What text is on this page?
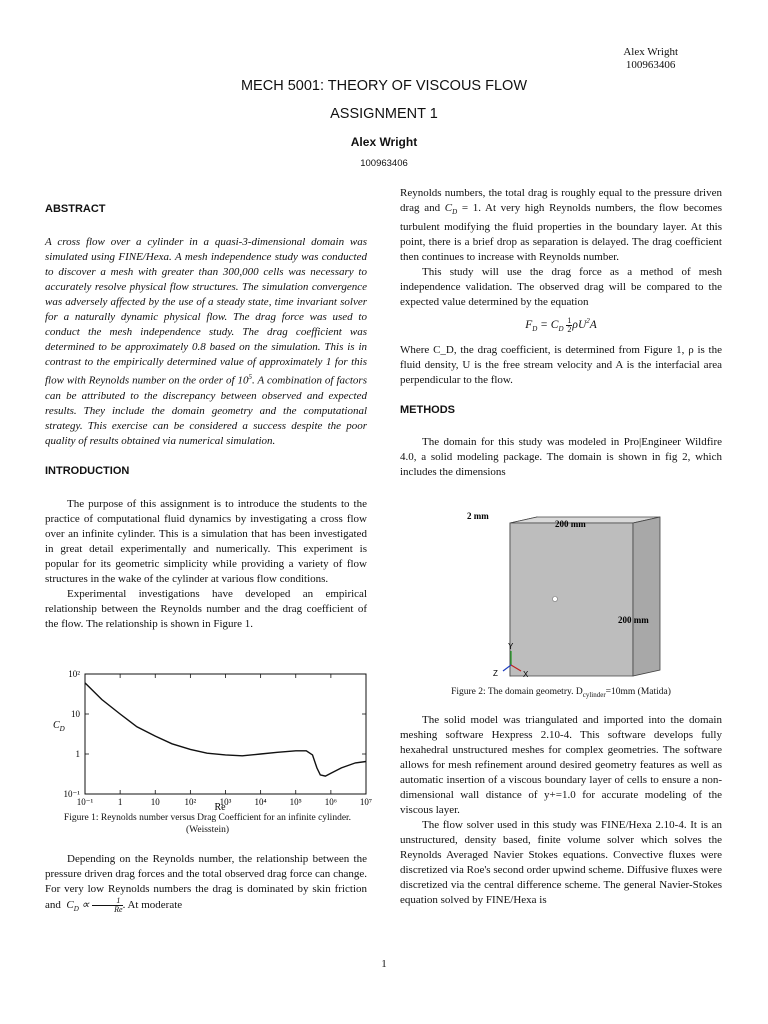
Alex Wright
100963406
MECH 5001: THEORY OF VISCOUS FLOW
ASSIGNMENT 1
Alex Wright
100963406

ABSTRACT

A cross flow over a cylinder in a quasi-3-dimensional domain was simulated using FINE/Hexa. A mesh independence study was conducted to discover a mesh with greater than 300,000 cells was necessary to accurately resolve physical flow structures. The simulation convergence was adversely affected by the use of a steady state, time invariant solver for a naturally dynamic physical flow. The drag force was used to conduct the mesh independence study. The drag coefficient was determined to be approximately 0.8 based on the simulation. This is in contrast to the empirically determined value of approximately 1 for this flow with Reynolds number on the order of $10^5$. A combination of factors can be attributed to the discrepancy between observed and expected results. They include the domain geometry and the computational strategy. This exercise can be considered a success despite the poor quality of results obtained via numerical simulation.

INTRODUCTION

The purpose of this assignment is to introduce the students to the practice of computational fluid dynamics by investigating a cross flow over an infinite cylinder. This is a simulation that has been investigated in great detail experimentally and numerically. This experiment is popular for its geometric simplicity while providing a variety of flow structures in the wake of the cylinder at various flow conditions.

Experimental investigations have developed an empirical relationship between the Reynolds number and the drag coefficient of the flow. The relationship is shown in Figure 1.

10²
10
1
10⁻¹
10⁻¹	1	10	10²	10³	10⁴	10⁵	10⁶	10⁷
$C_D$
Re
Figure 1: Reynolds number versus Drag Coefficient for an infinite cylinder. (Weisstein)

Depending on the Reynolds number, the relationship between the pressure driven drag forces and the total observed drag force can change. For very low Reynolds numbers the drag is dominated by skin friction and $C_D \propto \frac{1}{Re}$ . At moderate

Reynolds numbers, the total drag is roughly equal to the pressure driven drag and $C_D = 1$. At very high Reynolds numbers, the flow becomes turbulent modifying the fluid properties in the boundary layer. At this point, there is a brief drop as separation is delayed. The drag coefficient then continues to increase with Reynolds number.

This study will use the drag force as a method of mesh independence validation. The observed drag will be compared to the expected value determined by the equation

$F_D = C_D \frac{1}{2} \rho U^2A$

Where C_D, the drag coefficient, is determined from Figure 1, ρ is the fluid density, U is the free stream velocity and A is the interfacial area perpendicular to the flow.

METHODS

The domain for this study was modeled in Pro|Engineer Wildfire 4.0, a solid modeling package. The domain is shown in fig 2, which includes the dimensions

2 mm
200 mm
200 mm
Y
Z	X
Figure 2: The domain geometry. $D_{cylinder}=10mm$ (Matida)

The solid model was triangulated and imported into the domain meshing software Hexpress 2.10-4. This software develops fully hexahedral unstructured meshes for complex geometries. The software allows for mesh refinement around desired geometry features as well as automatic insertion of a viscous boundary layer of cells to ensure a non-dimensional wall distance of y+=1.0 for accurate modeling of the viscous layer.

The flow solver used in this study was FINE/Hexa 2.10-4. It is an unstructured, density based, finite volume solver which solves the Reynolds Averaged Navier Stokes equations. Convective fluxes were discretized via Roe's second order upwind scheme. Diffusive fluxes were discretized via the central difference scheme. The general Navier-Stokes equation solved by FINE/Hexa is

1
